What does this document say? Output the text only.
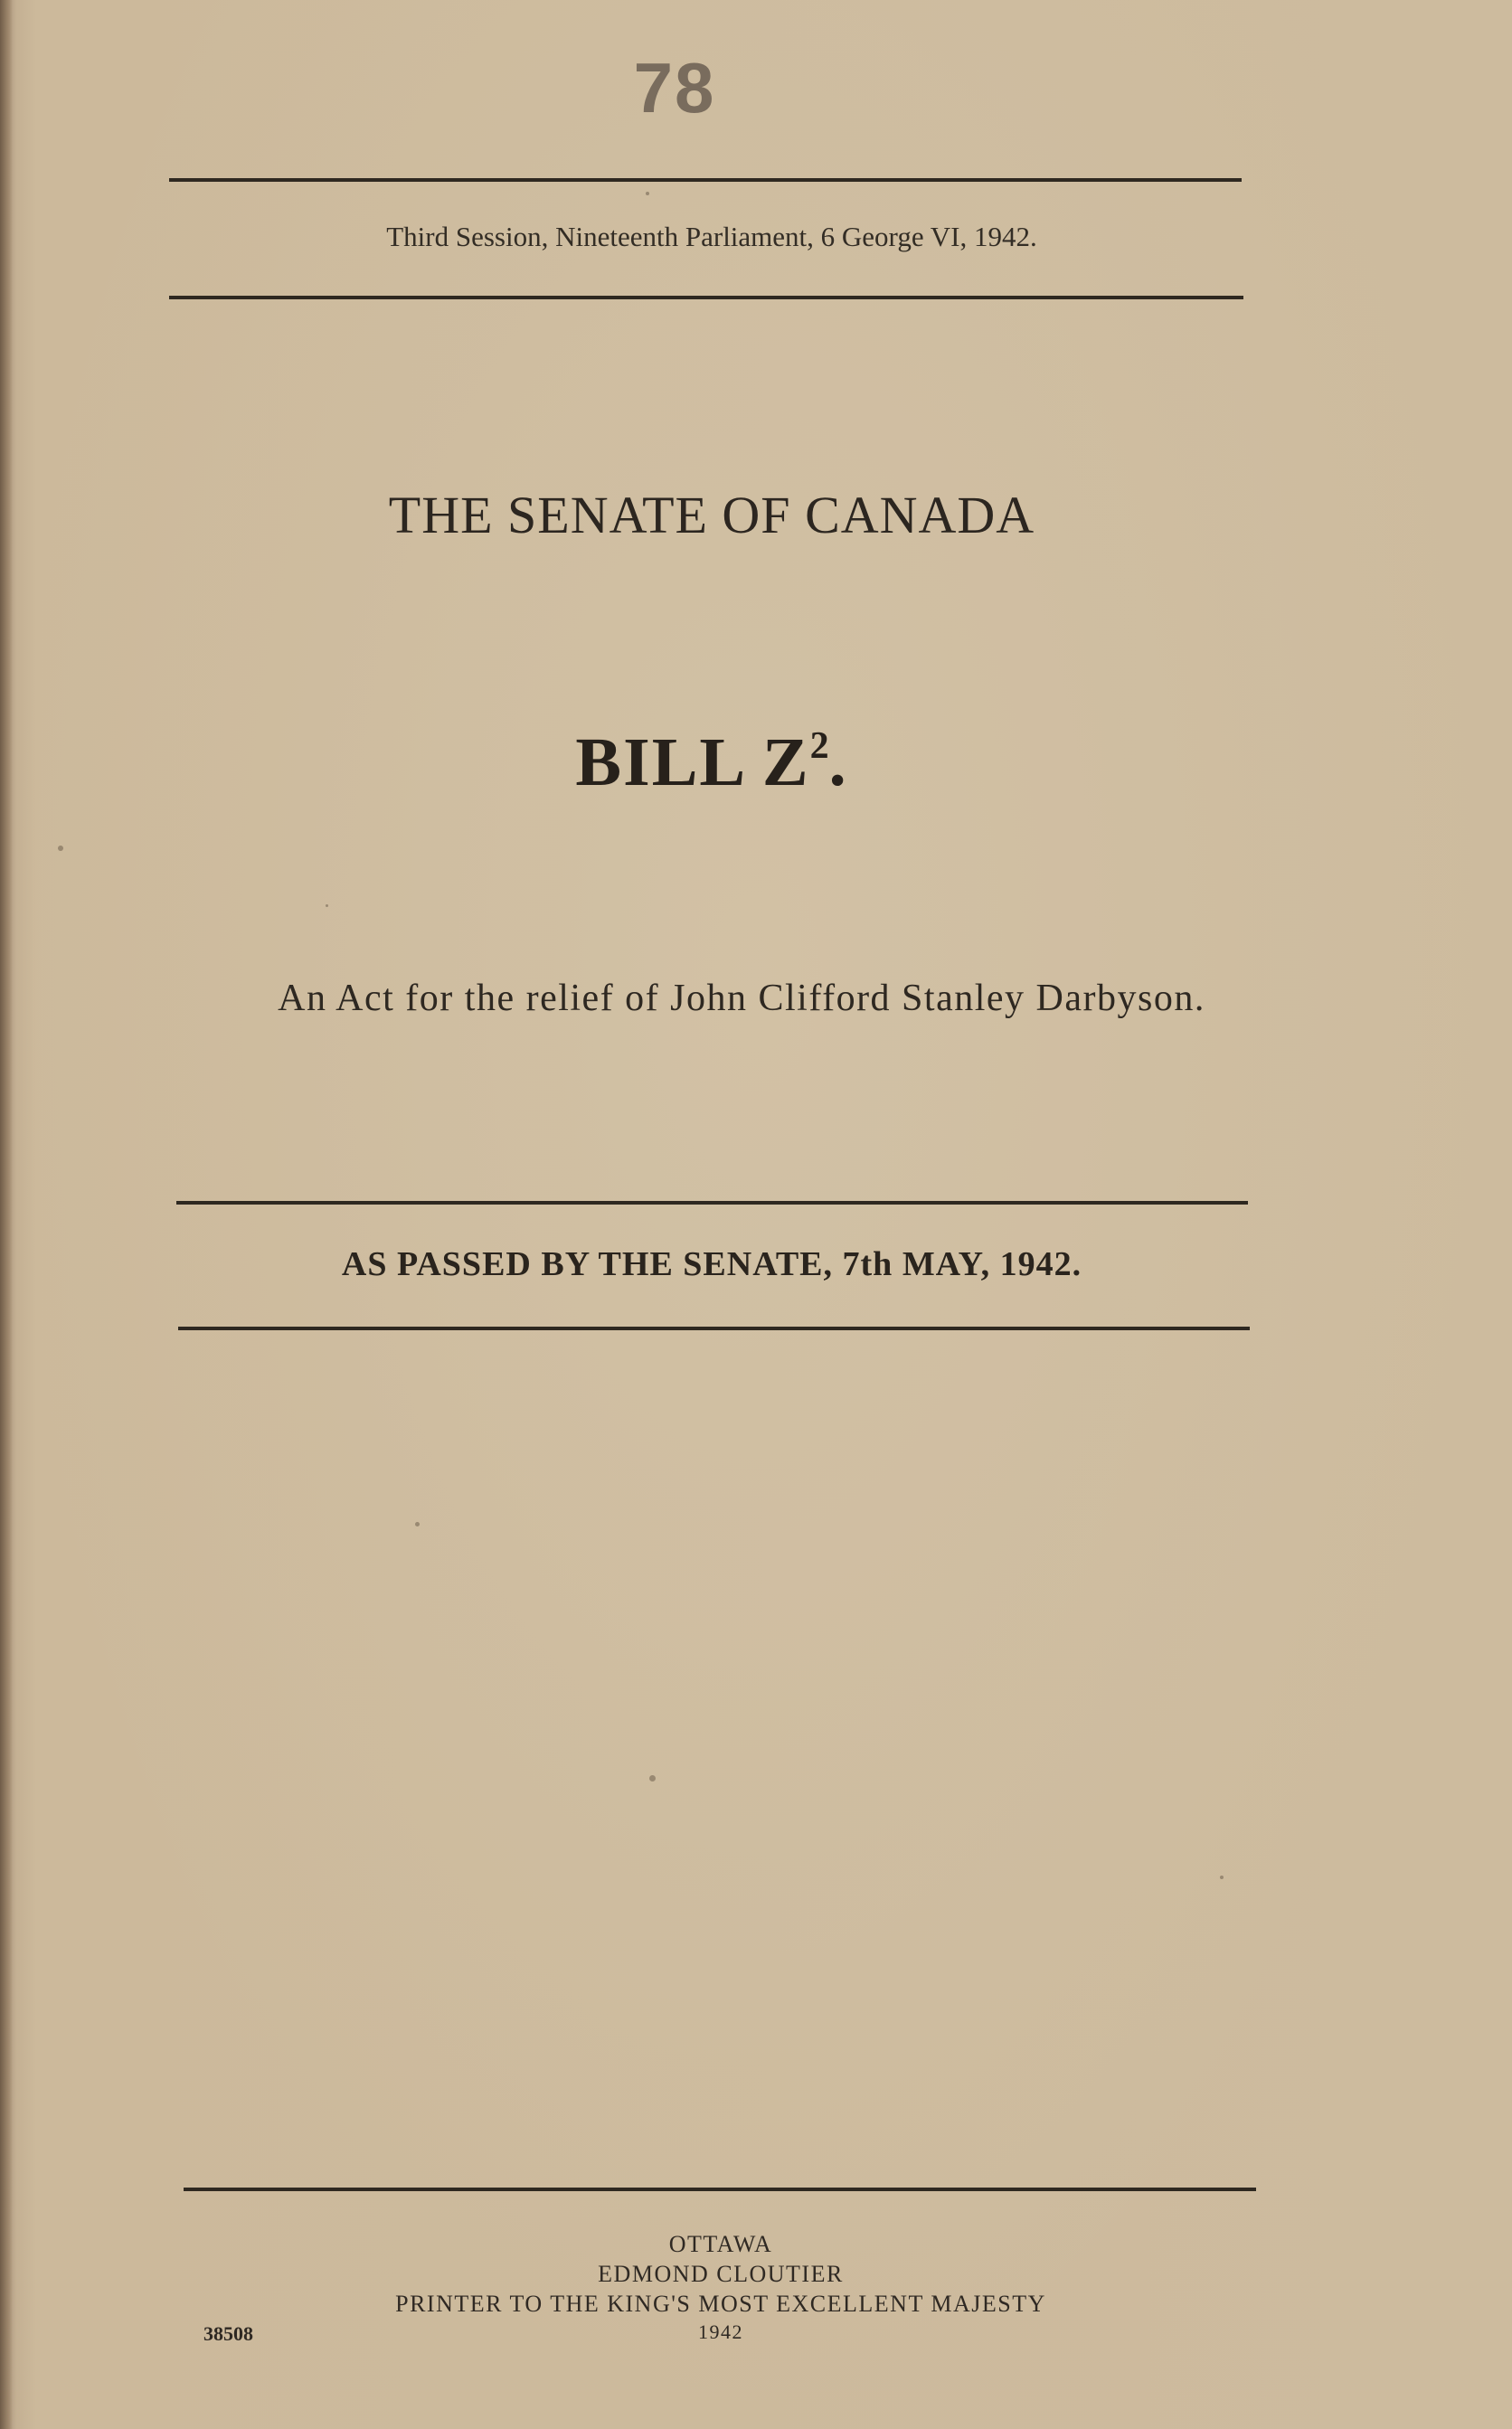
78
Third Session, Nineteenth Parliament, 6 George VI, 1942.
THE SENATE OF CANADA
BILL $Z^2$.
An Act for the relief of John Clifford Stanley Darbyson.
AS PASSED BY THE SENATE, 7th MAY, 1942.
OTTAWA
EDMOND CLOUTIER
PRINTER TO THE KING'S MOST EXCELLENT MAJESTY
1942
38508
